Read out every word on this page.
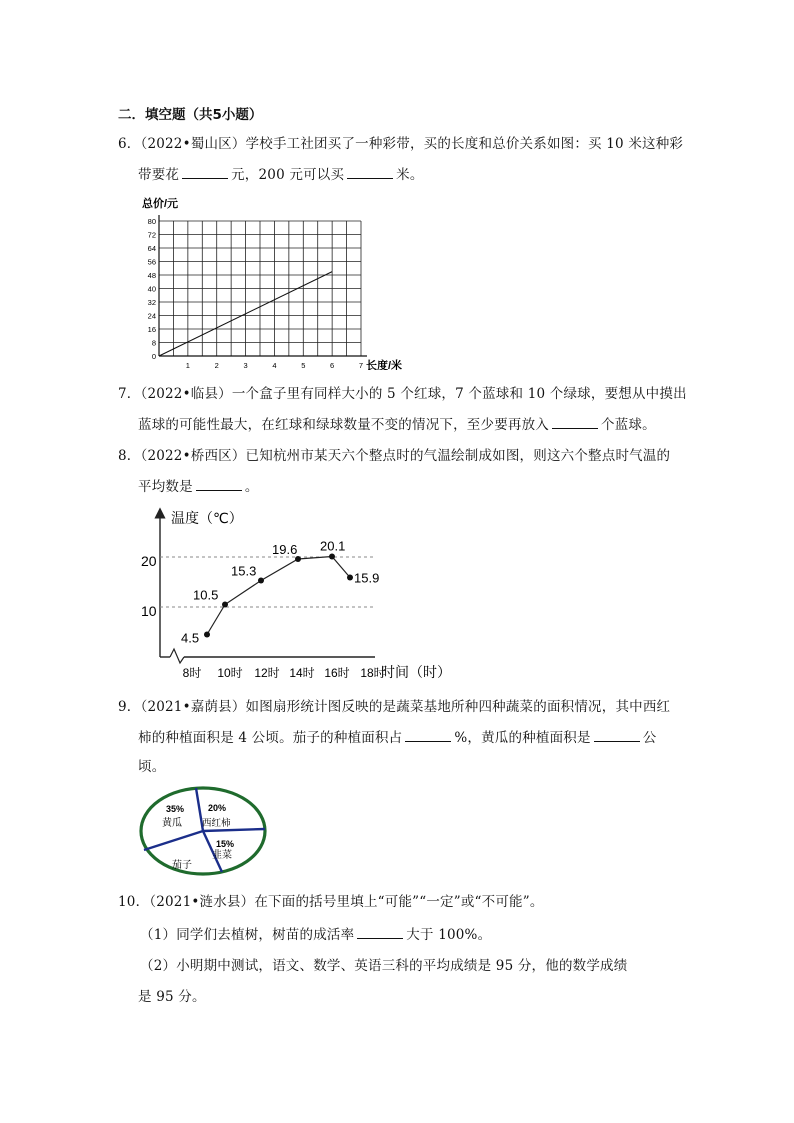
二．填空题（共5小题）
6．（2022•蜀山区）学校手工社团买了一种彩带，买的长度和总价关系如图：买 10 米这种彩
带要花	元，200 元可以买	米。
总价/元
长度/米
0
8
16
24
32
40
48
56
64
72
80
1	2	3	4	5	6	7
7．（2022•临县）一个盒子里有同样大小的 5 个红球，7 个蓝球和 10 个绿球，要想从中摸出
蓝球的可能性最大，在红球和绿球数量不变的情况下，至少要再放入	个蓝球。
8．（2022•桥西区）已知杭州市某天六个整点时的气温绘制成如图，则这六个整点时气温的
平均数是	。
温度（℃）
时间（时）
20
10
8时 10时 12时 14时 16时 18时
4.5
10.5
15.3
19.6 20.1
15.9
9．（2021•嘉荫县）如图扇形统计图反映的是蔬菜基地所种四种蔬菜的面积情况，其中西红
柿的种植面积是 4 公顷。茄子的种植面积占	%，黄瓜的种植面积是	公
顷。
35%
黄瓜
20%
西红柿
15%
韭菜
茄子
10．（2021•涟水县）在下面的括号里填上“可能”“一定”或“不可能”。
（1）同学们去植树，树苗的成活率	大于 100%。
（2）小明期中测试，语文、数学、英语三科的平均成绩是 95 分，他的数学成绩
是 95 分。
